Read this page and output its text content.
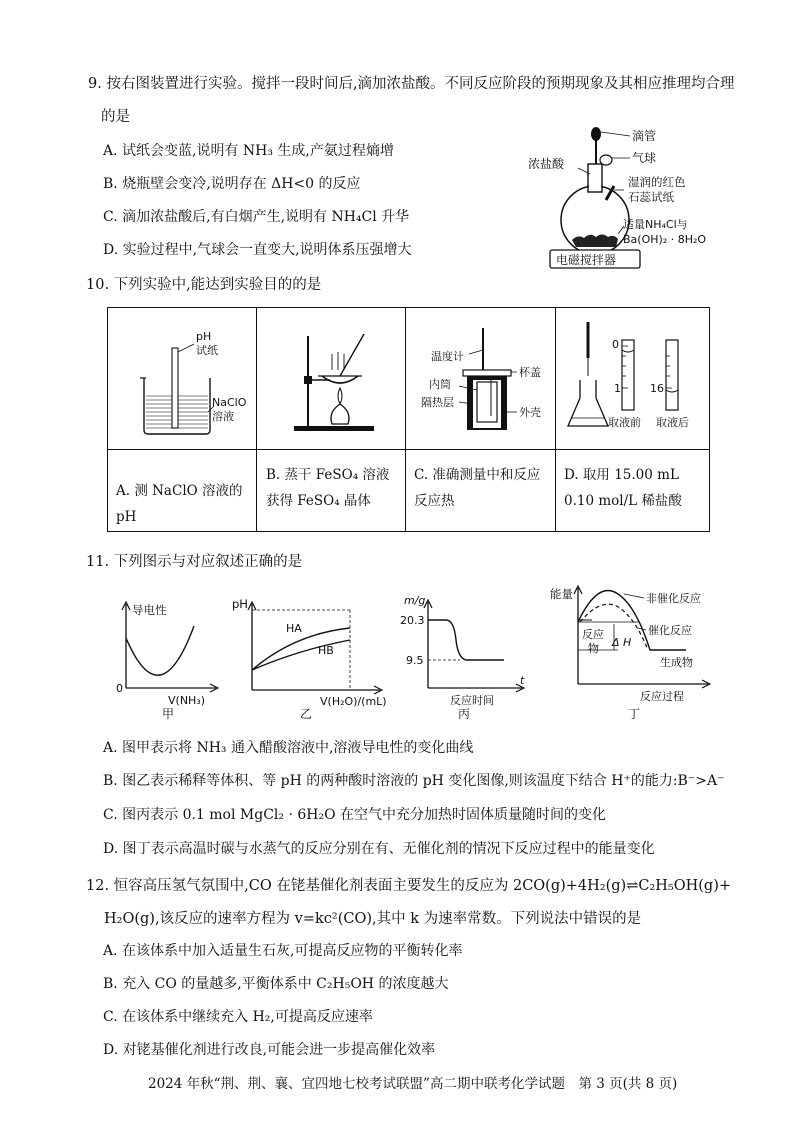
9. 按右图装置进行实验。搅拌一段时间后,滴加浓盐酸。不同反应阶段的预期现象及其相应推理均合理
的是
A. 试纸会变蓝,说明有 NH₃ 生成,产氨过程熵增
B. 烧瓶壁会变冷,说明存在 ΔH<0 的反应
C. 滴加浓盐酸后,有白烟产生,说明有 NH₄Cl 升华
D. 实验过程中,气球会一直变大,说明体系压强增大
滴管
气球
浓盐酸
湿润的红色
石蕊试纸
适量NH₄Cl与
Ba(OH)₂ · 8H₂O
电磁搅拌器
10. 下列实验中,能达到实验目的的是
pH
试纸
NaClO
溶液
温度计
杯盖
内筒
隔热层
外壳
0
1	16
取液前 取液后
A. 测 NaClO 溶液的 pH
B. 蒸干 FeSO₄ 溶液获得 FeSO₄ 晶体
C. 准确测量中和反应反应热
D. 取用 15.00 mL 0.10 mol/L 稀盐酸
11. 下列图示与对应叙述正确的是
导电性
0
V(NH₃)
甲
pH
HA
HB
V(H₂O)/(mL)
乙
m/g
20.3
9.5
t
反应时间
丙
能量	非催化反应
催化反应
反应
物 Δ H
生成物
反应过程
丁
A. 图甲表示将 NH₃ 通入醋酸溶液中,溶液导电性的变化曲线
B. 图乙表示稀释等体积、等 pH 的两种酸时溶液的 pH 变化图像,则该温度下结合 H⁺的能力:B⁻>A⁻
C. 图丙表示 0.1 mol MgCl₂ · 6H₂O 在空气中充分加热时固体质量随时间的变化
D. 图丁表示高温时碳与水蒸气的反应分别在有、无催化剂的情况下反应过程中的能量变化
12. 恒容高压氢气氛围中,CO 在铑基催化剂表面主要发生的反应为 2CO(g)+4H₂(g)⇌C₂H₅OH(g)+
H₂O(g),该反应的速率方程为 v=kc²(CO),其中 k 为速率常数。下列说法中错误的是
A. 在该体系中加入适量生石灰,可提高反应物的平衡转化率
B. 充入 CO 的量越多,平衡体系中 C₂H₅OH 的浓度越大
C. 在该体系中继续充入 H₂,可提高反应速率
D. 对铑基催化剂进行改良,可能会进一步提高催化效率
2024 年秋“荆、荆、襄、宜四地七校考试联盟”高二期中联考化学试题　第 3 页(共 8 页)
